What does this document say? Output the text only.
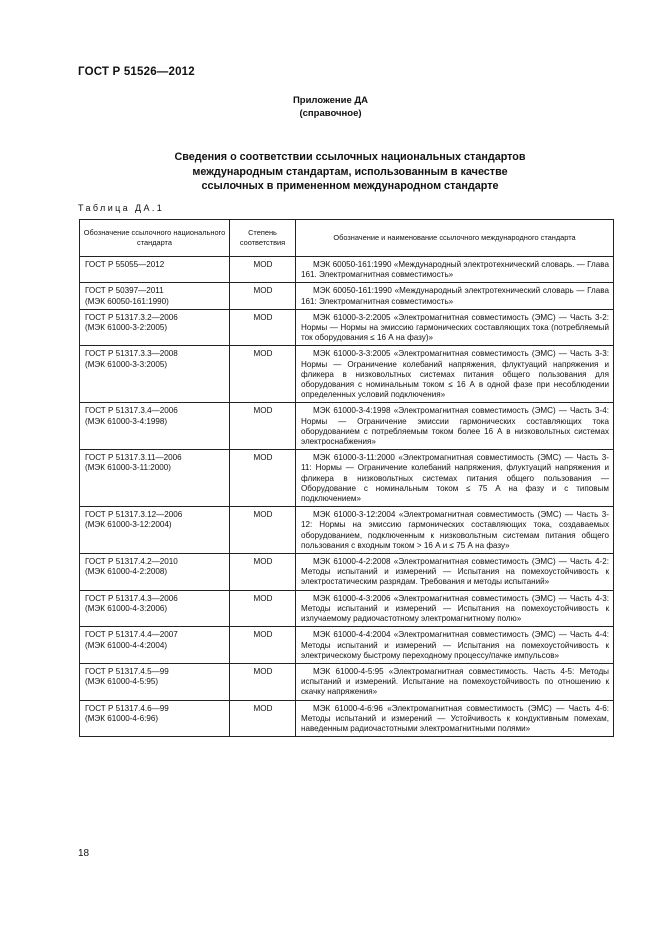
ГОСТ Р 51526—2012
Приложение ДА
(справочное)
Сведения о соответствии ссылочных национальных стандартов
международным стандартам, использованным в качестве
ссылочных в примененном международном стандарте
Таблица ДА.1
Обозначение ссылочного национального стандарта	Степень соответствия	Обозначение и наименование ссылочного международного стандарта

ГОСТ Р 55055—2012	MOD	МЭК 60050-161:1990 «Международный электротехнический словарь. — Глава 161. Электромагнитная совместимость»

ГОСТ Р 50397—2011
(МЭК 60050-161:1990)	MOD	МЭК 60050-161:1990 «Международный электротехнический словарь — Глава 161: Электромагнитная совместимость»

ГОСТ Р 51317.3.2—2006
(МЭК 61000-3-2:2005)	MOD	МЭК 61000-3-2:2005 «Электромагнитная совместимость (ЭМС) — Часть 3-2: Нормы — Нормы на эмиссию гармонических составляющих тока (потребляемый ток оборудования ≤ 16 А на фазу)»

ГОСТ Р 51317.3.3—2008
(МЭК 61000-3-3:2005)	MOD	МЭК 61000-3-3:2005 «Электромагнитная совместимость (ЭМС) — Часть 3-3: Нормы — Ограничение колебаний напряжения, флуктуаций напряжения и фликера в низковольтных системах питания общего пользования для оборудования с номинальным током ≤ 16 А в одной фазе при несоблюдении определенных условий подключения»

ГОСТ Р 51317.3.4—2006
(МЭК 61000-3-4:1998)	MOD	МЭК 61000-3-4:1998 «Электромагнитная совместимость (ЭМС) — Часть 3-4: Нормы — Ограничение эмиссии гармонических составляющих тока оборудованием с потребляемым током более 16 А в низковольтных системах электроснабжения»

ГОСТ Р 51317.3.11—2006
(МЭК 61000-3-11:2000)	MOD	МЭК 61000-3-11:2000 «Электромагнитная совместимость (ЭМС) — Часть 3-11: Нормы — Ограничение колебаний напряжения, флуктуаций напряжения и фликера в низковольтных системах питания общего пользования — Оборудование с номинальным током ≤ 75 А на фазу и с типовым подключением»

ГОСТ Р 51317.3.12—2006
(МЭК 61000-3-12:2004)	MOD	МЭК 61000-3-12:2004 «Электромагнитная совместимость (ЭМС) — Часть 3-12: Нормы на эмиссию гармонических составляющих тока, создаваемых оборудованием, подключенным к низковольтным системам питания общего пользования с входным током > 16 А и ≤ 75 А на фазу»

ГОСТ Р 51317.4.2—2010
(МЭК 61000-4-2:2008)	MOD	МЭК 61000-4-2:2008 «Электромагнитная совместимость (ЭМС) — Часть 4-2: Методы испытаний и измерений — Испытания на помехоустойчивость к электростатическим разрядам. Требования и методы испытаний»

ГОСТ Р 51317.4.3—2006
(МЭК 61000-4-3:2006)	MOD	МЭК 61000-4-3:2006 «Электромагнитная совместимость (ЭМС) — Часть 4-3: Методы испытаний и измерений — Испытания на помехоустойчивость к излучаемому радиочастотному электромагнитному полю»

ГОСТ Р 51317.4.4—2007
(МЭК 61000-4-4:2004)	MOD	МЭК 61000-4-4:2004 «Электромагнитная совместимость (ЭМС) — Часть 4-4: Методы испытаний и измерений — Испытания на помехоустойчивость к электрическому быстрому переходному процессу/пачке импульсов»

ГОСТ Р 51317.4.5—99
(МЭК 61000-4-5:95)	MOD	МЭК 61000-4-5:95 «Электромагнитная совместимость. Часть 4-5: Методы испытаний и измерений. Испытание на помехоустойчивость по отношению к скачку напряжения»

ГОСТ Р 51317.4.6—99
(МЭК 61000-4-6:96)	MOD	МЭК 61000-4-6:96 «Электромагнитная совместимость (ЭМС) — Часть 4-6: Методы испытаний и измерений — Устойчивость к кондуктивным помехам, наведенным радиочастотными электромагнитными полями»
18
